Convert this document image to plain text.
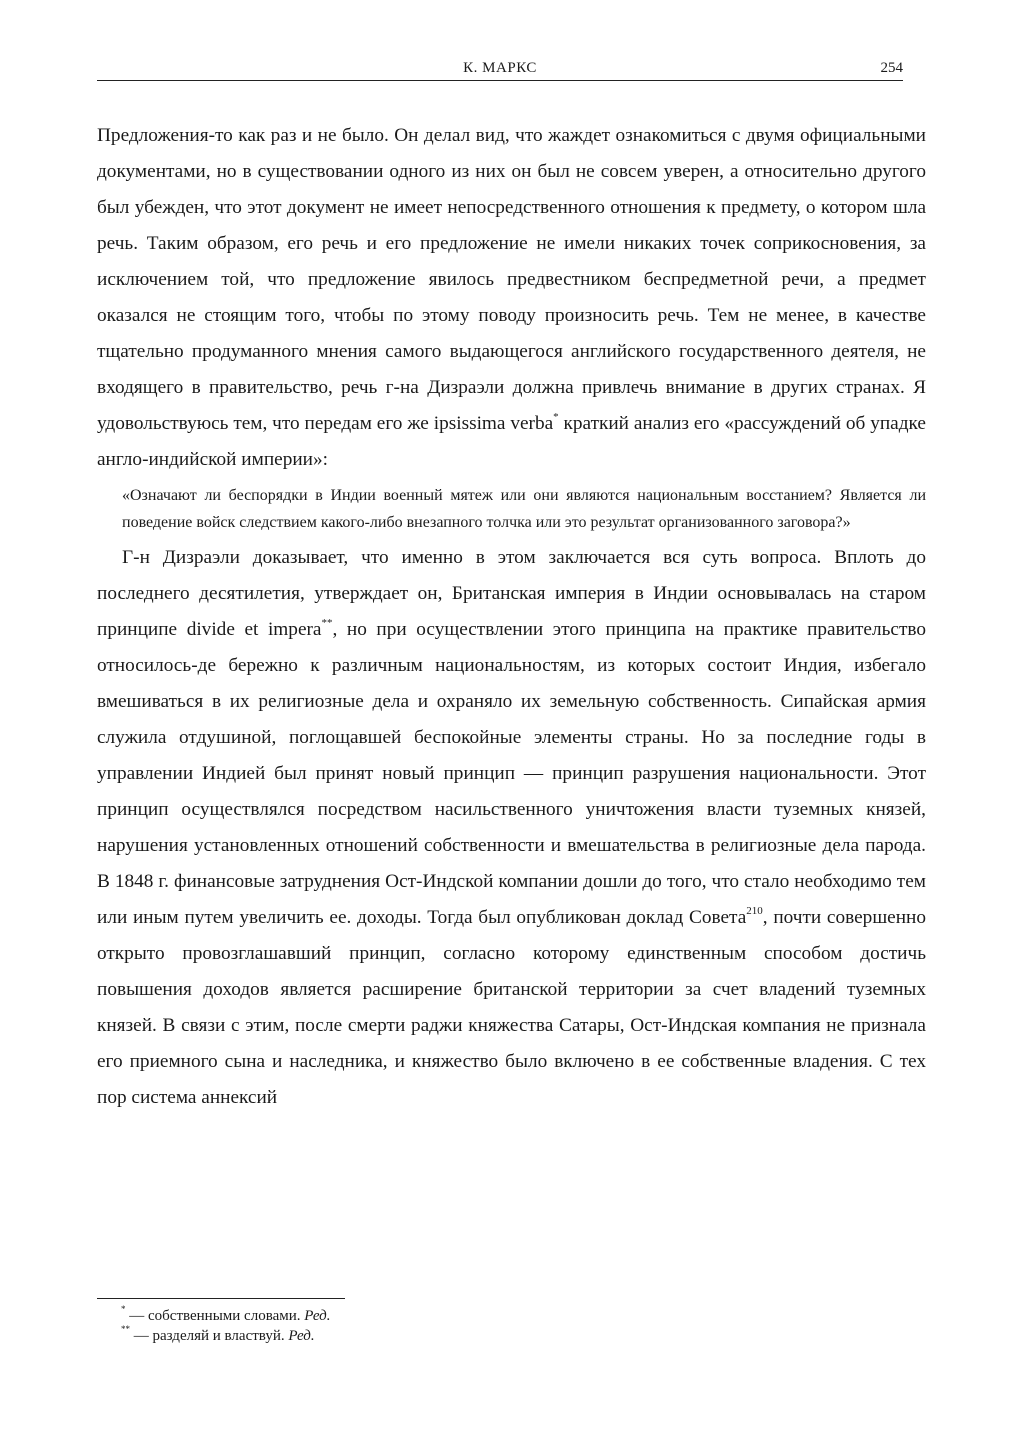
К. МАРКС	254

Предложения-то как раз и не было. Он делал вид, что жаждет ознакомиться с двумя официальными документами, но в существовании одного из них он был не совсем уверен, а относительно другого был убежден, что этот документ не имеет непосредственного отношения к предмету, о котором шла речь. Таким образом, его речь и его предложение не имели никаких точек соприкосновения, за исключением той, что предложение явилось предвестником беспредметной речи, а предмет оказался не стоящим того, чтобы по этому поводу произносить речь. Тем не менее, в качестве тщательно продуманного мнения самого выдающегося английского государственного деятеля, не входящего в правительство, речь г-на Дизраэли должна привлечь внимание в других странах. Я удовольствуюсь тем, что передам его же ipsissima verba* краткий анализ его «рассуждений об упадке англо-индийской империи»:

«Означают ли беспорядки в Индии военный мятеж или они являются национальным восстанием? Является ли поведение войск следствием какого-либо внезапного толчка или это результат организованного заговора?»

Г-н Дизраэли доказывает, что именно в этом заключается вся суть вопроса. Вплоть до последнего десятилетия, утверждает он, Британская империя в Индии основывалась на старом принципе divide et impera**, но при осуществлении этого принципа на практике правительство относилось-де бережно к различным национальностям, из которых состоит Индия, избегало вмешиваться в их религиозные дела и охраняло их земельную собственность. Сипайская армия служила отдушиной, поглощавшей беспокойные элементы страны. Но за последние годы в управлении Индией был принят новый принцип — принцип разрушения национальности. Этот принцип осуществлялся посредством насильственного уничтожения власти туземных князей, нарушения установленных отношений собственности и вмешательства в религиозные дела парода. В 1848 г. финансовые затруднения Ост-Индской компании дошли до того, что стало необходимо тем или иным путем увеличить ее. доходы. Тогда был опубликован доклад Совета$^{210}$, почти совершенно открыто провозглашавший принцип, согласно которому единственным способом достичь повышения доходов является расширение британской территории за счет владений туземных князей. В связи с этим, после смерти раджи княжества Сатары, Ост-Индская компания не признала его приемного сына и наследника, и княжество было включено в ее собственные владения. С тех пор система аннексий

* — собственными словами. Ред.

** — разделяй и властвуй. Ред.
